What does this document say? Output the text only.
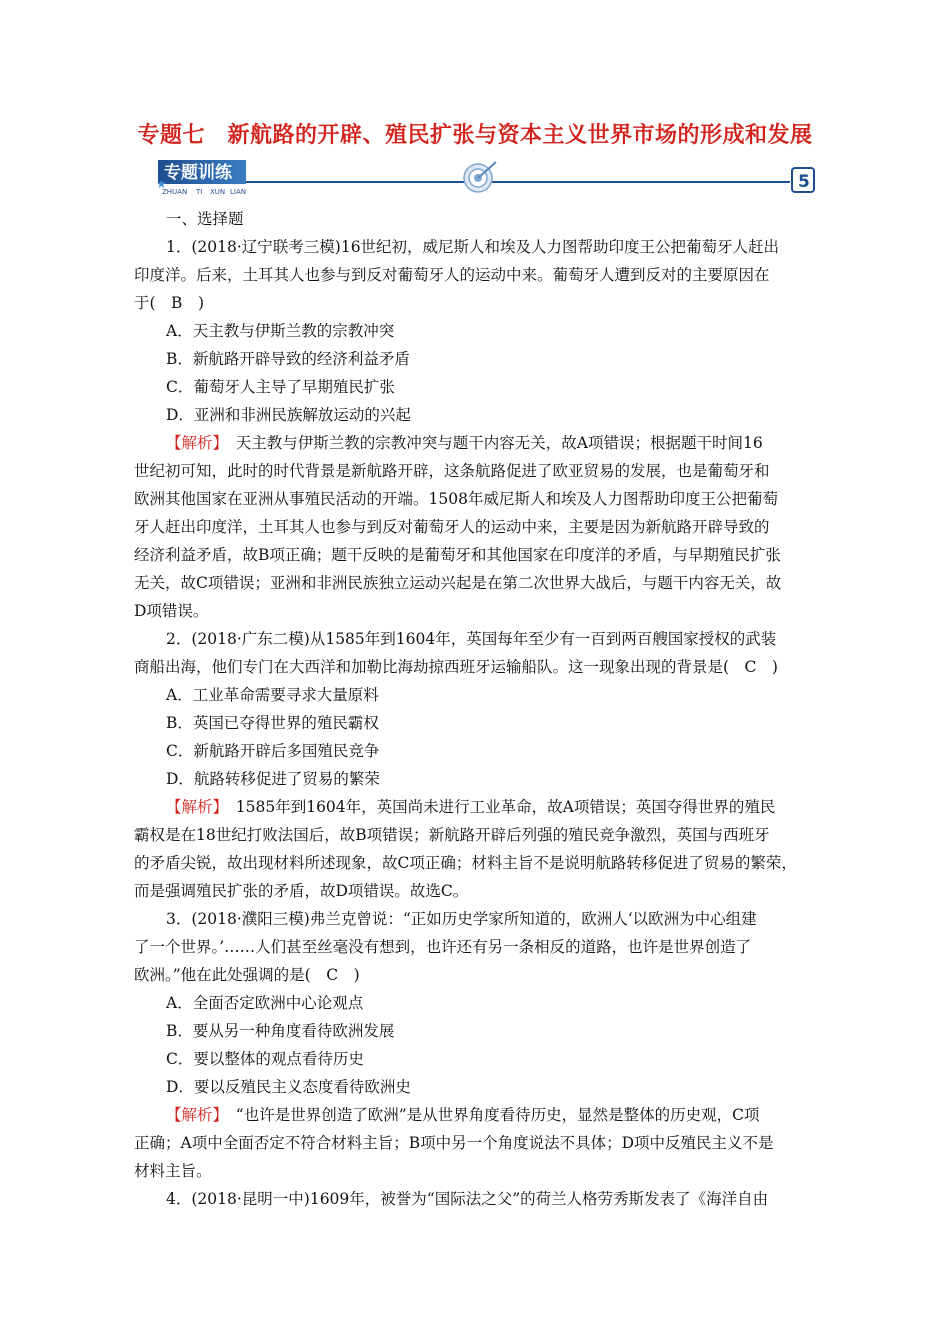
专题七　新航路的开辟、殖民扩张与资本主义世界市场的形成和发展
专题训练
ZHUAN TI XUN LIAN
★	5

一、选择题

1．(2018·辽宁联考三模)16世纪初，威尼斯人和埃及人力图帮助印度王公把葡萄牙人赶出

印度洋。后来，土耳其人也参与到反对葡萄牙人的运动中来。葡萄牙人遭到反对的主要原因在

于(　B　)

A．天主教与伊斯兰教的宗教冲突

B．新航路开辟导致的经济利益矛盾

C．葡萄牙人主导了早期殖民扩张

D．亚洲和非洲民族解放运动的兴起

【解析】　天主教与伊斯兰教的宗教冲突与题干内容无关，故A项错误；根据题干时间16

世纪初可知，此时的时代背景是新航路开辟，这条航路促进了欧亚贸易的发展，也是葡萄牙和

欧洲其他国家在亚洲从事殖民活动的开端。1508年威尼斯人和埃及人力图帮助印度王公把葡萄

牙人赶出印度洋，土耳其人也参与到反对葡萄牙人的运动中来，主要是因为新航路开辟导致的

经济利益矛盾，故B项正确；题干反映的是葡萄牙和其他国家在印度洋的矛盾，与早期殖民扩张

无关，故C项错误；亚洲和非洲民族独立运动兴起是在第二次世界大战后，与题干内容无关，故

D项错误。

2．(2018·广东二模)从1585年到1604年，英国每年至少有一百到两百艘国家授权的武装

商船出海，他们专门在大西洋和加勒比海劫掠西班牙运输船队。这一现象出现的背景是(　C　)

A．工业革命需要寻求大量原料

B．英国已夺得世界的殖民霸权

C．新航路开辟后多国殖民竞争

D．航路转移促进了贸易的繁荣

【解析】　1585年到1604年，英国尚未进行工业革命，故A项错误；英国夺得世界的殖民

霸权是在18世纪打败法国后，故B项错误；新航路开辟后列强的殖民竞争激烈，英国与西班牙

的矛盾尖锐，故出现材料所述现象，故C项正确；材料主旨不是说明航路转移促进了贸易的繁荣，

而是强调殖民扩张的矛盾，故D项错误。故选C。

3．(2018·濮阳三模)弗兰克曾说：“正如历史学家所知道的，欧洲人‘以欧洲为中心组建

了一个世界。’……人们甚至丝毫没有想到，也许还有另一条相反的道路，也许是世界创造了

欧洲。”他在此处强调的是(　C　)

A．全面否定欧洲中心论观点

B．要从另一种角度看待欧洲发展

C．要以整体的观点看待历史

D．要以反殖民主义态度看待欧洲史

【解析】　“也许是世界创造了欧洲”是从世界角度看待历史，显然是整体的历史观，C项

正确；A项中全面否定不符合材料主旨；B项中另一个角度说法不具体；D项中反殖民主义不是

材料主旨。

4．(2018·昆明一中)1609年，被誉为“国际法之父”的荷兰人格劳秀斯发表了《海洋自由
